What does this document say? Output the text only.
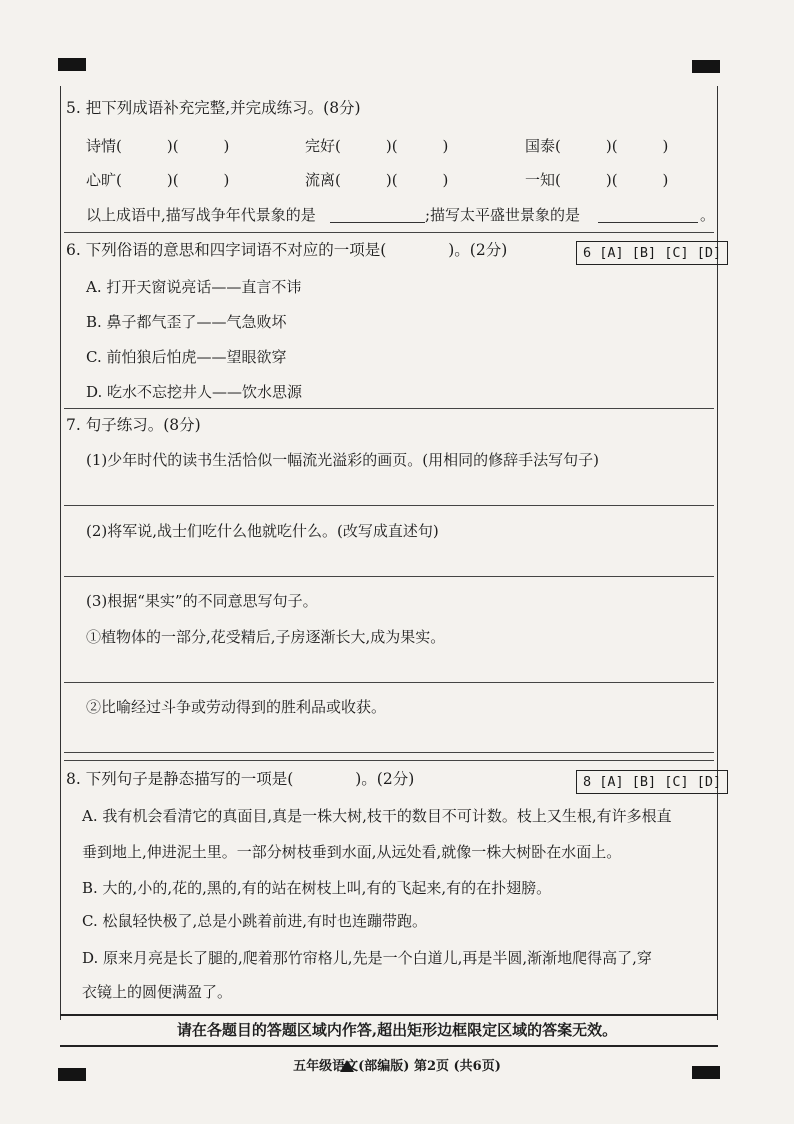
5. 把下列成语补充完整,并完成练习。(8分)
诗情(　　　)(　　　)	完好(　　　)(　　　)	国泰(　　　)(　　　)
心旷(　　　)(　　　)	流离(　　　)(　　　)	一知(　　　)(　　　)
以上成语中,描写战争年代景象的是	;描写太平盛世景象的是	。
6. 下列俗语的意思和四字词语不对应的一项是(　　　　)。(2分)	6 [A] [B] [C] [D]
A. 打开天窗说亮话——直言不讳
B. 鼻子都气歪了——气急败坏
C. 前怕狼后怕虎——望眼欲穿
D. 吃水不忘挖井人——饮水思源
7. 句子练习。(8分)
(1)少年时代的读书生活恰似一幅流光溢彩的画页。(用相同的修辞手法写句子)
(2)将军说,战士们吃什么他就吃什么。(改写成直述句)
(3)根据“果实”的不同意思写句子。
①植物体的一部分,花受精后,子房逐渐长大,成为果实。
②比喻经过斗争或劳动得到的胜利品或收获。
8. 下列句子是静态描写的一项是(　　　　)。(2分)	8 [A] [B] [C] [D]
A. 我有机会看清它的真面目,真是一株大树,枝干的数目不可计数。枝上又生根,有许多根直
垂到地上,伸进泥土里。一部分树枝垂到水面,从远处看,就像一株大树卧在水面上。
B. 大的,小的,花的,黑的,有的站在树枝上叫,有的飞起来,有的在扑翅膀。
C. 松鼠轻快极了,总是小跳着前进,有时也连蹦带跑。
D. 原来月亮是长了腿的,爬着那竹帘格儿,先是一个白道儿,再是半圆,渐渐地爬得高了,穿
衣镜上的圆便满盈了。
请在各题目的答题区域内作答,超出矩形边框限定区域的答案无效。
五年级语文(部编版) 第2页 (共6页)
